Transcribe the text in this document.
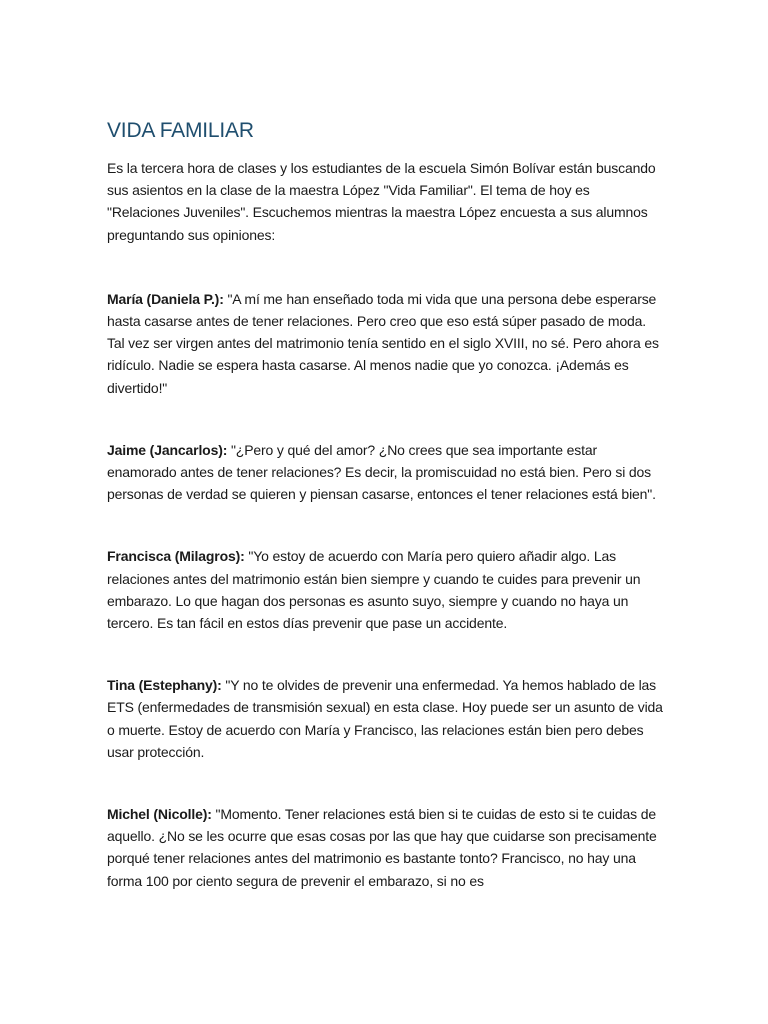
VIDA FAMILIAR

Es la tercera hora de clases y los estudiantes de la escuela Simón Bolívar están buscando sus asientos en la clase de la maestra López "Vida Familiar". El tema de hoy es "Relaciones Juveniles". Escuchemos mientras la maestra López encuesta a sus alumnos preguntando sus opiniones:

María (Daniela P.): "A mí me han enseñado toda mi vida que una persona debe esperarse hasta casarse antes de tener relaciones. Pero creo que eso está súper pasado de moda. Tal vez ser virgen antes del matrimonio tenía sentido en el siglo XVIII, no sé. Pero ahora es ridículo. Nadie se espera hasta casarse. Al menos nadie que yo conozca. ¡Además es divertido!"

Jaime (Jancarlos): "¿Pero y qué del amor? ¿No crees que sea importante estar enamorado antes de tener relaciones? Es decir, la promiscuidad no está bien. Pero si dos personas de verdad se quieren y piensan casarse, entonces el tener relaciones está bien".

Francisca (Milagros): "Yo estoy de acuerdo con María pero quiero añadir algo. Las relaciones antes del matrimonio están bien siempre y cuando te cuides para prevenir un embarazo. Lo que hagan dos personas es asunto suyo, siempre y cuando no haya un tercero. Es tan fácil en estos días prevenir que pase un accidente.

Tina (Estephany): "Y no te olvides de prevenir una enfermedad. Ya hemos hablado de las ETS (enfermedades de transmisión sexual) en esta clase. Hoy puede ser un asunto de vida o muerte. Estoy de acuerdo con María y Francisco, las relaciones están bien pero debes usar protección.

Michel (Nicolle): "Momento. Tener relaciones está bien si te cuidas de esto si te cuidas de aquello. ¿No se les ocurre que esas cosas por las que hay que cuidarse son precisamente porqué tener relaciones antes del matrimonio es bastante tonto? Francisco, no hay una forma 100 por ciento segura de prevenir el embarazo, si no es
